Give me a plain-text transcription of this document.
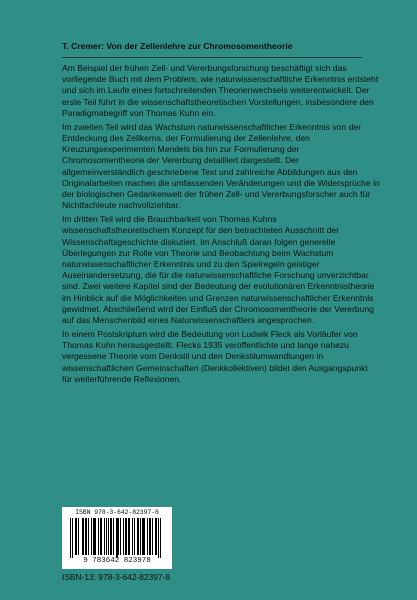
T. Cremer: Von der Zellenlehre zur Chromosomentheorie

Am Beispiel der frühen Zell- und Vererbungsforschung beschäftigt sich das vorliegende Buch mit dem Problem, wie naturwissenschaftliche Erkenntnis entsteht und sich im Laufe eines fortschreitenden Theorienwechsels weiterentwickelt. Der erste Teil führt in die wissenschaftstheoretischen Vorstellungen, insbesondere den Paradigmabegriff von Thomas Kuhn ein.

Im zweiten Teil wird das Wachstum naturwissenschaftlicher Erkenntnis von der Entdeckung des Zellkerns, der Formulierung der Zellenlehre, den Kreuzungsexperimenten Mendels bis hin zur Formulierung der Chromosomentheorie der Vererbung detailliert dargestellt. Der allgemeinverständlich geschriebene Text und zahlreiche Abbildungen aus den Originalarbeiten machen die umfassenden Veränderungen und die Widersprüche in der biologischen Gedankenwelt der frühen Zell- und Vererbungsforscher auch für Nichtfachleute nachvollziehbar.

Im dritten Teil wird die Brauchbarkeit von Thomas Kuhns wissenschaftstheoretischem Konzept für den betrachteten Ausschnitt der Wissenschaftsgeschichte diskutiert. Im Anschluß daran folgen generelle Überlegungen zur Rolle von Theorie und Beobachtung beim Wachstum naturwissenschaftlicher Erkenntnis und zu den Spielregeln geistiger Auseinandersetzung, die für die naturwissenschaftliche Forschung unverzichtbar sind. Zwei weitere Kapitel sind der Bedeutung der evolutionären Erkenntnistheorie im Hinblick auf die Möglichkeiten und Grenzen naturwissenschaftlicher Erkenntnis gewidmet. Abschließend wird der Einfluß der Chromosomentheorie der Vererbung auf das Menschenbild eines Naturwissenschaftlers angesprochen.

In einem Postskriptum wird die Bedeutung von Ludwik Fleck als Vorläufer von Thomas Kuhn herausgestellt. Flecks 1935 veröffentlichte und lange nahezu vergessene Theorie vom Denkstil und den Denkstilumwandlungen in wissenschaftlichen Gemeinschaften (Denkkollektiven) bildet den Ausgangspunkt für weiterführende Reflexionen.

ISBN 978-3-642-82397-8
9 783642 823978
ISBN-13: 978-3-642-82397-8
